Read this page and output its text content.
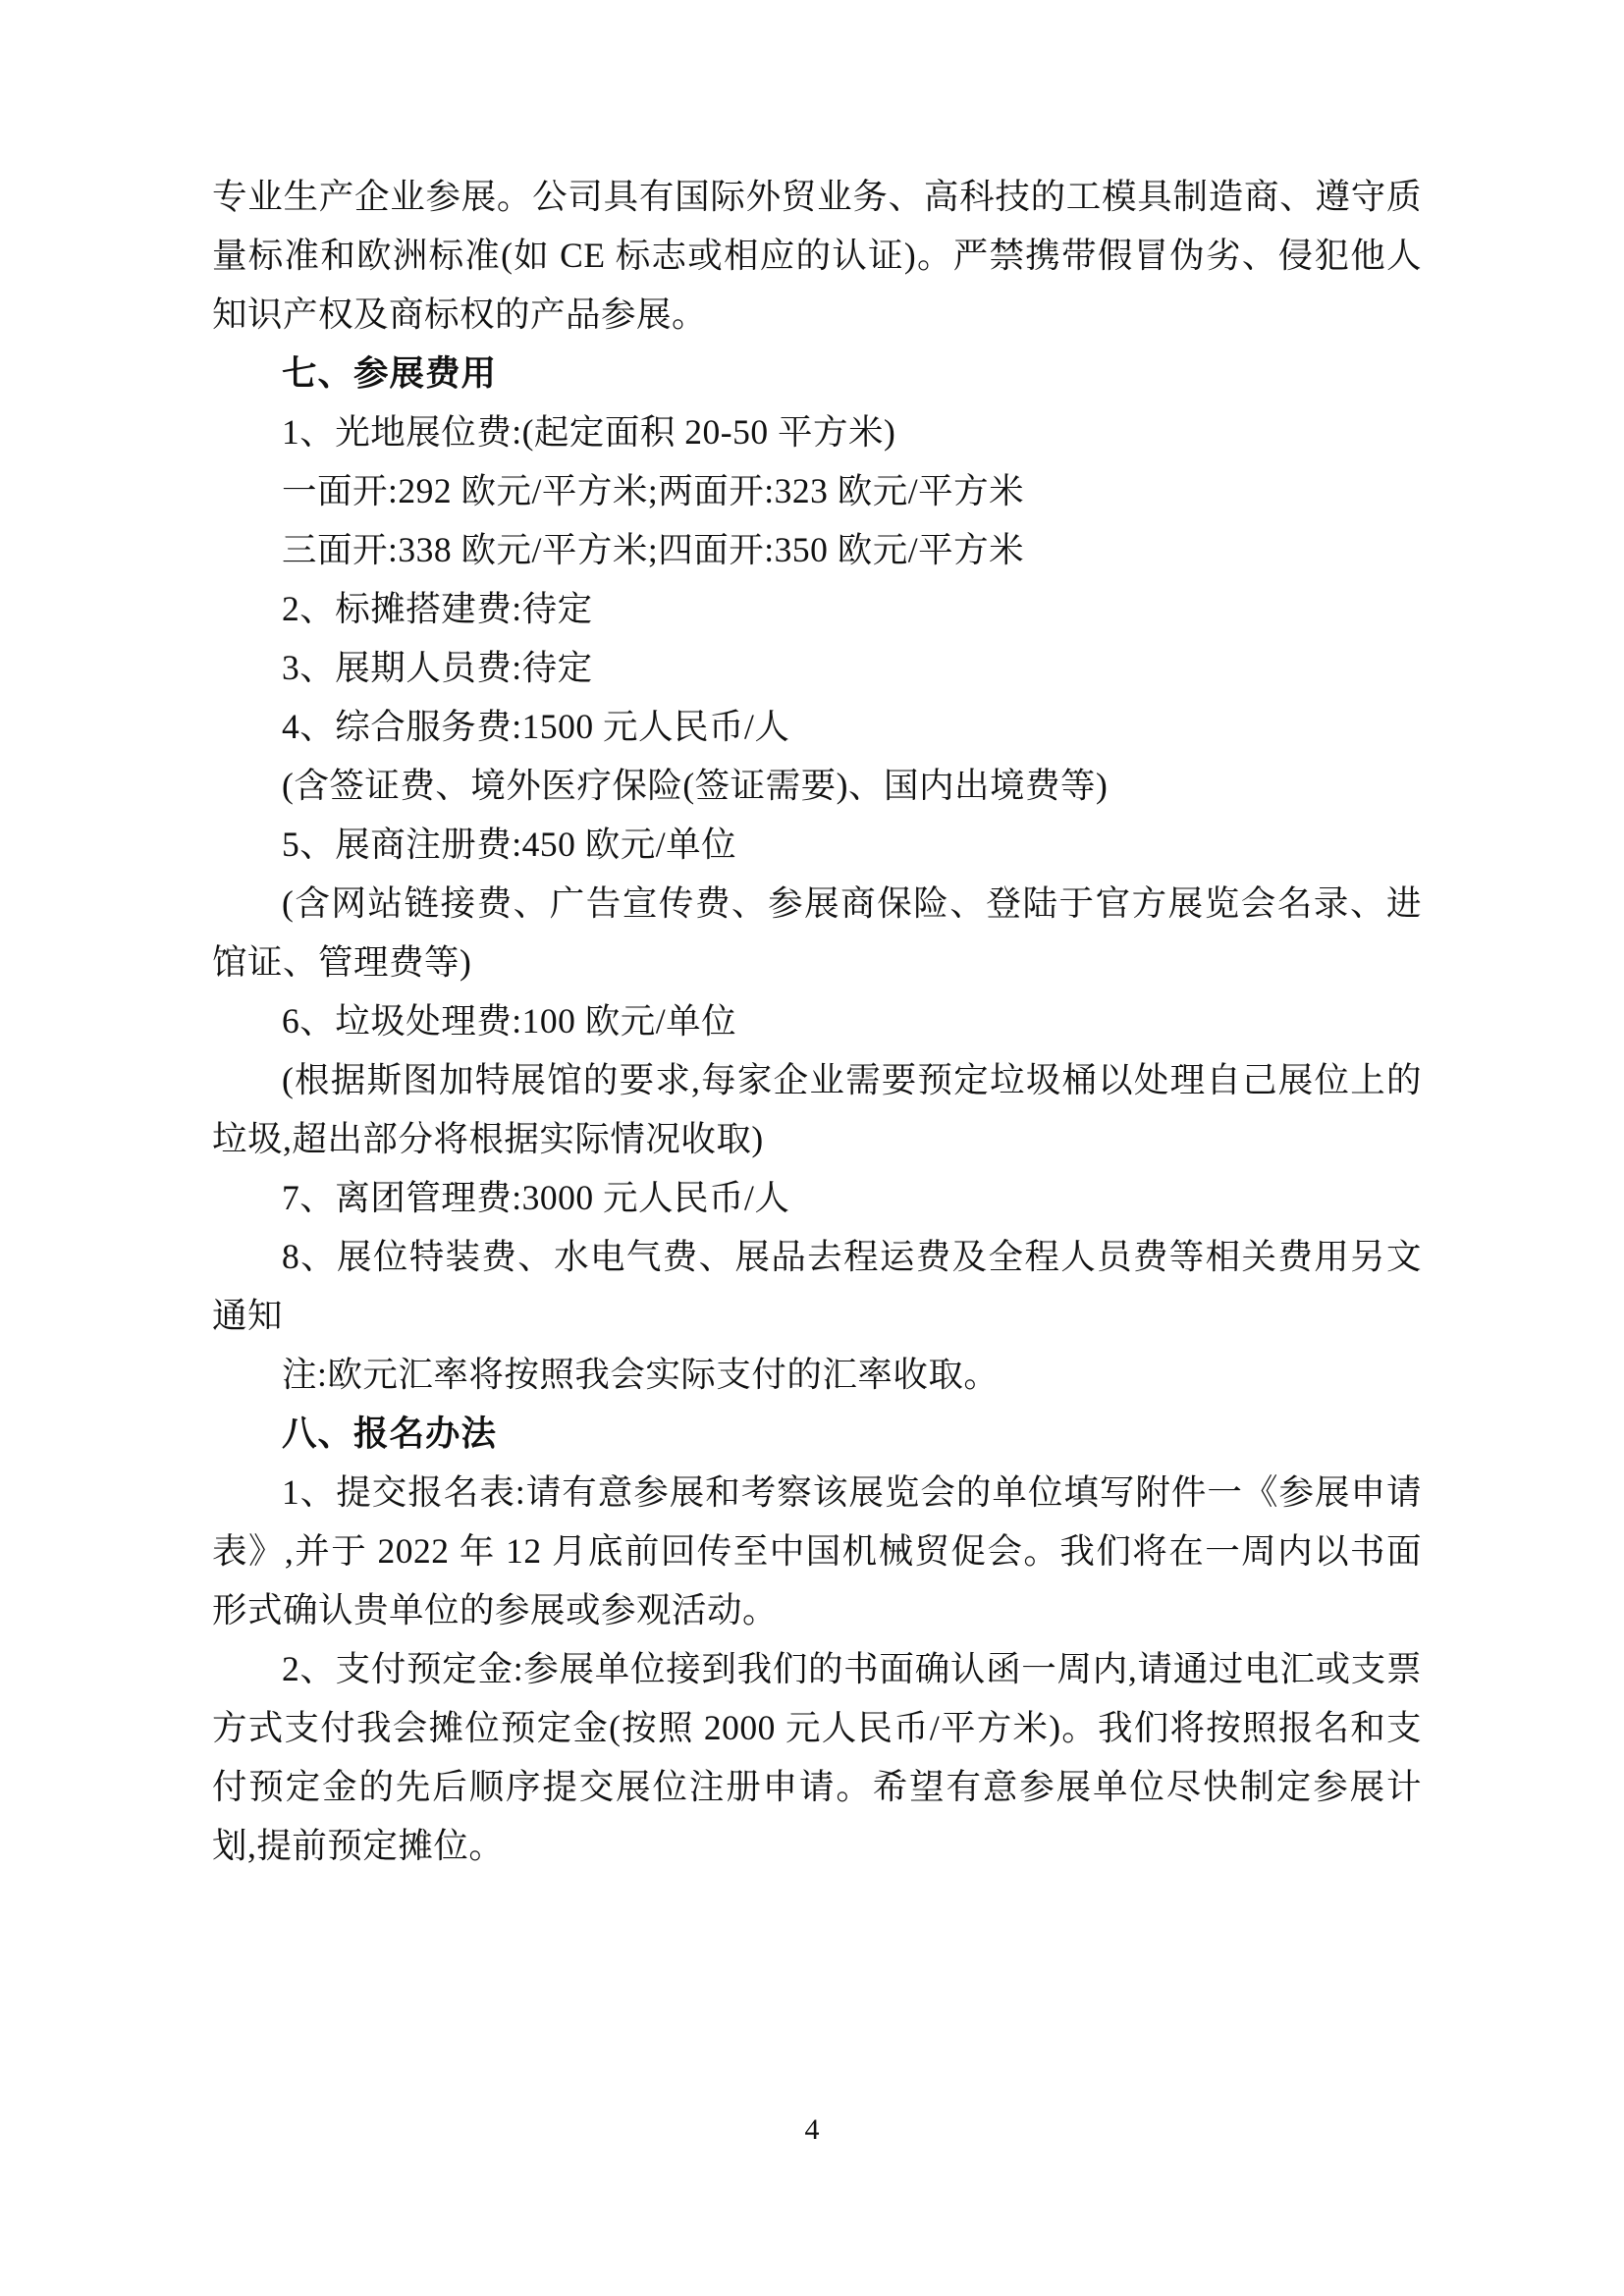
专业生产企业参展。公司具有国际外贸业务、高科技的工模具制造商、遵守质量标准和欧洲标准(如 CE 标志或相应的认证)。严禁携带假冒伪劣、侵犯他人知识产权及商标权的产品参展。

七、参展费用

1、光地展位费:(起定面积 20-50 平方米)

一面开:292 欧元/平方米;两面开:323 欧元/平方米

三面开:338 欧元/平方米;四面开:350 欧元/平方米

2、标摊搭建费:待定

3、展期人员费:待定

4、综合服务费:1500 元人民币/人

(含签证费、境外医疗保险(签证需要)、国内出境费等)

5、展商注册费:450 欧元/单位

(含网站链接费、广告宣传费、参展商保险、登陆于官方展览会名录、进馆证、管理费等)

6、垃圾处理费:100 欧元/单位

(根据斯图加特展馆的要求,每家企业需要预定垃圾桶以处理自己展位上的垃圾,超出部分将根据实际情况收取)

7、离团管理费:3000 元人民币/人

8、展位特装费、水电气费、展品去程运费及全程人员费等相关费用另文通知

注:欧元汇率将按照我会实际支付的汇率收取。

八、报名办法

1、提交报名表:请有意参展和考察该展览会的单位填写附件一《参展申请表》,并于 2022 年 12 月底前回传至中国机械贸促会。我们将在一周内以书面形式确认贵单位的参展或参观活动。

2、支付预定金:参展单位接到我们的书面确认函一周内,请通过电汇或支票方式支付我会摊位预定金(按照 2000 元人民币/平方米)。我们将按照报名和支付预定金的先后顺序提交展位注册申请。希望有意参展单位尽快制定参展计划,提前预定摊位。

4
